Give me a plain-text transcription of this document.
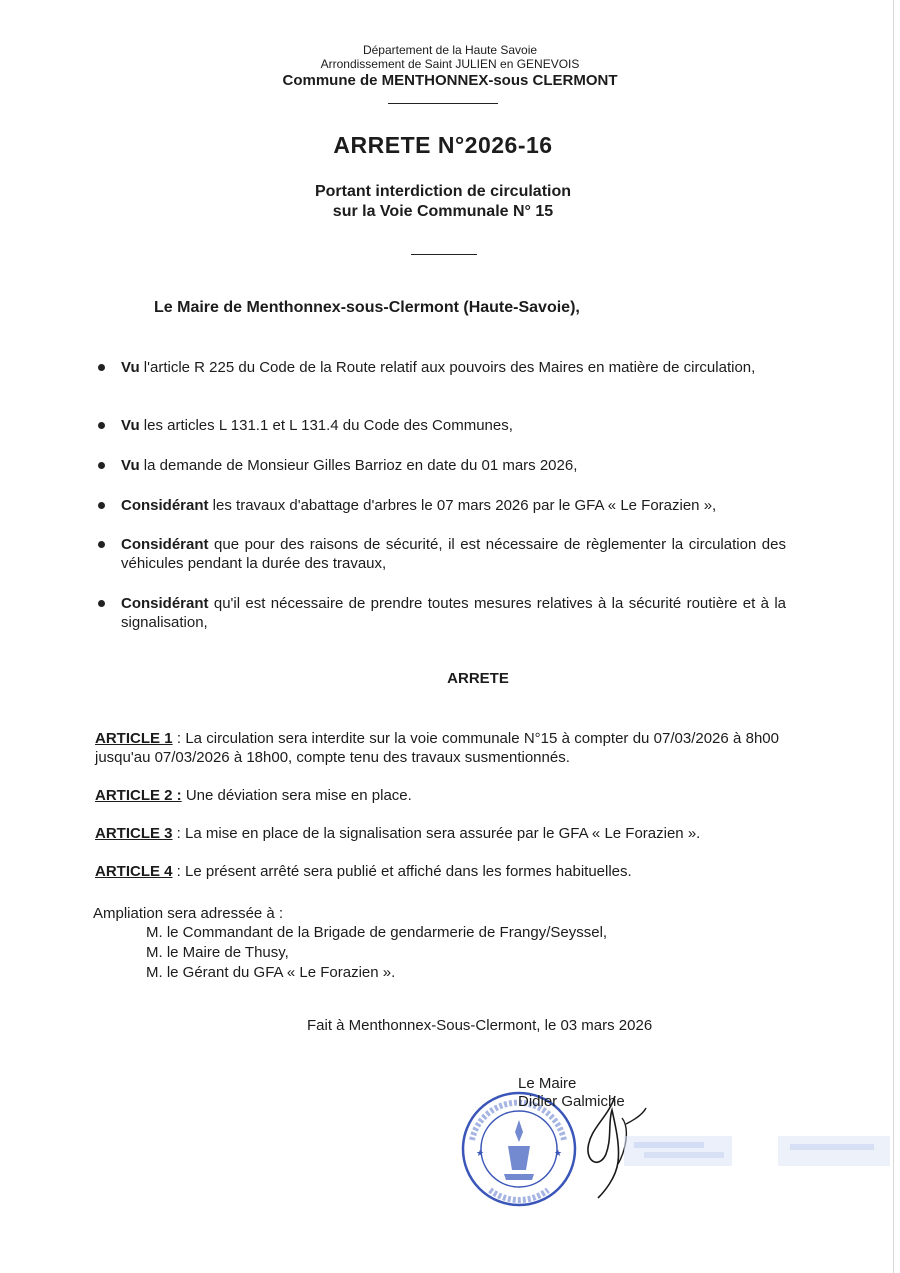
Département de la Haute Savoie
Arrondissement de Saint JULIEN en GENEVOIS
Commune de MENTHONNEX-sous CLERMONT
ARRETE N°2026-16
Portant interdiction de circulation
sur la Voie Communale N° 15
Le Maire de Menthonnex-sous-Clermont (Haute-Savoie),
Vu l'article R 225 du Code de la Route relatif aux pouvoirs des Maires en matière de circulation,
Vu les articles L 131.1 et L 131.4 du Code des Communes,
Vu la demande de Monsieur Gilles Barrioz en date du 01 mars 2026,
Considérant les travaux d'abattage d'arbres le 07 mars 2026 par le GFA « Le Forazien »,
Considérant que pour des raisons de sécurité, il est nécessaire de règlementer la circulation des véhicules pendant la durée des travaux,
Considérant qu'il est nécessaire de prendre toutes mesures relatives à la sécurité routière et à la signalisation,
ARRETE
ARTICLE 1 : La circulation sera interdite sur la voie communale N°15 à compter du 07/03/2026 à 8h00 jusqu'au 07/03/2026 à 18h00, compte tenu des travaux susmentionnés.
ARTICLE 2 : Une déviation sera mise en place.
ARTICLE 3 : La mise en place de la signalisation sera assurée par le GFA « Le Forazien ».
ARTICLE 4 : Le présent arrêté sera publié et affiché dans les formes habituelles.
Ampliation sera adressée à :
M. le Commandant de la Brigade de gendarmerie de Frangy/Seyssel,
M. le Maire de Thusy,
M. le Gérant du GFA « Le Forazien ».
Fait à Menthonnex-Sous-Clermont, le 03 mars 2026
★	★
Le Maire
Didier Galmiche
